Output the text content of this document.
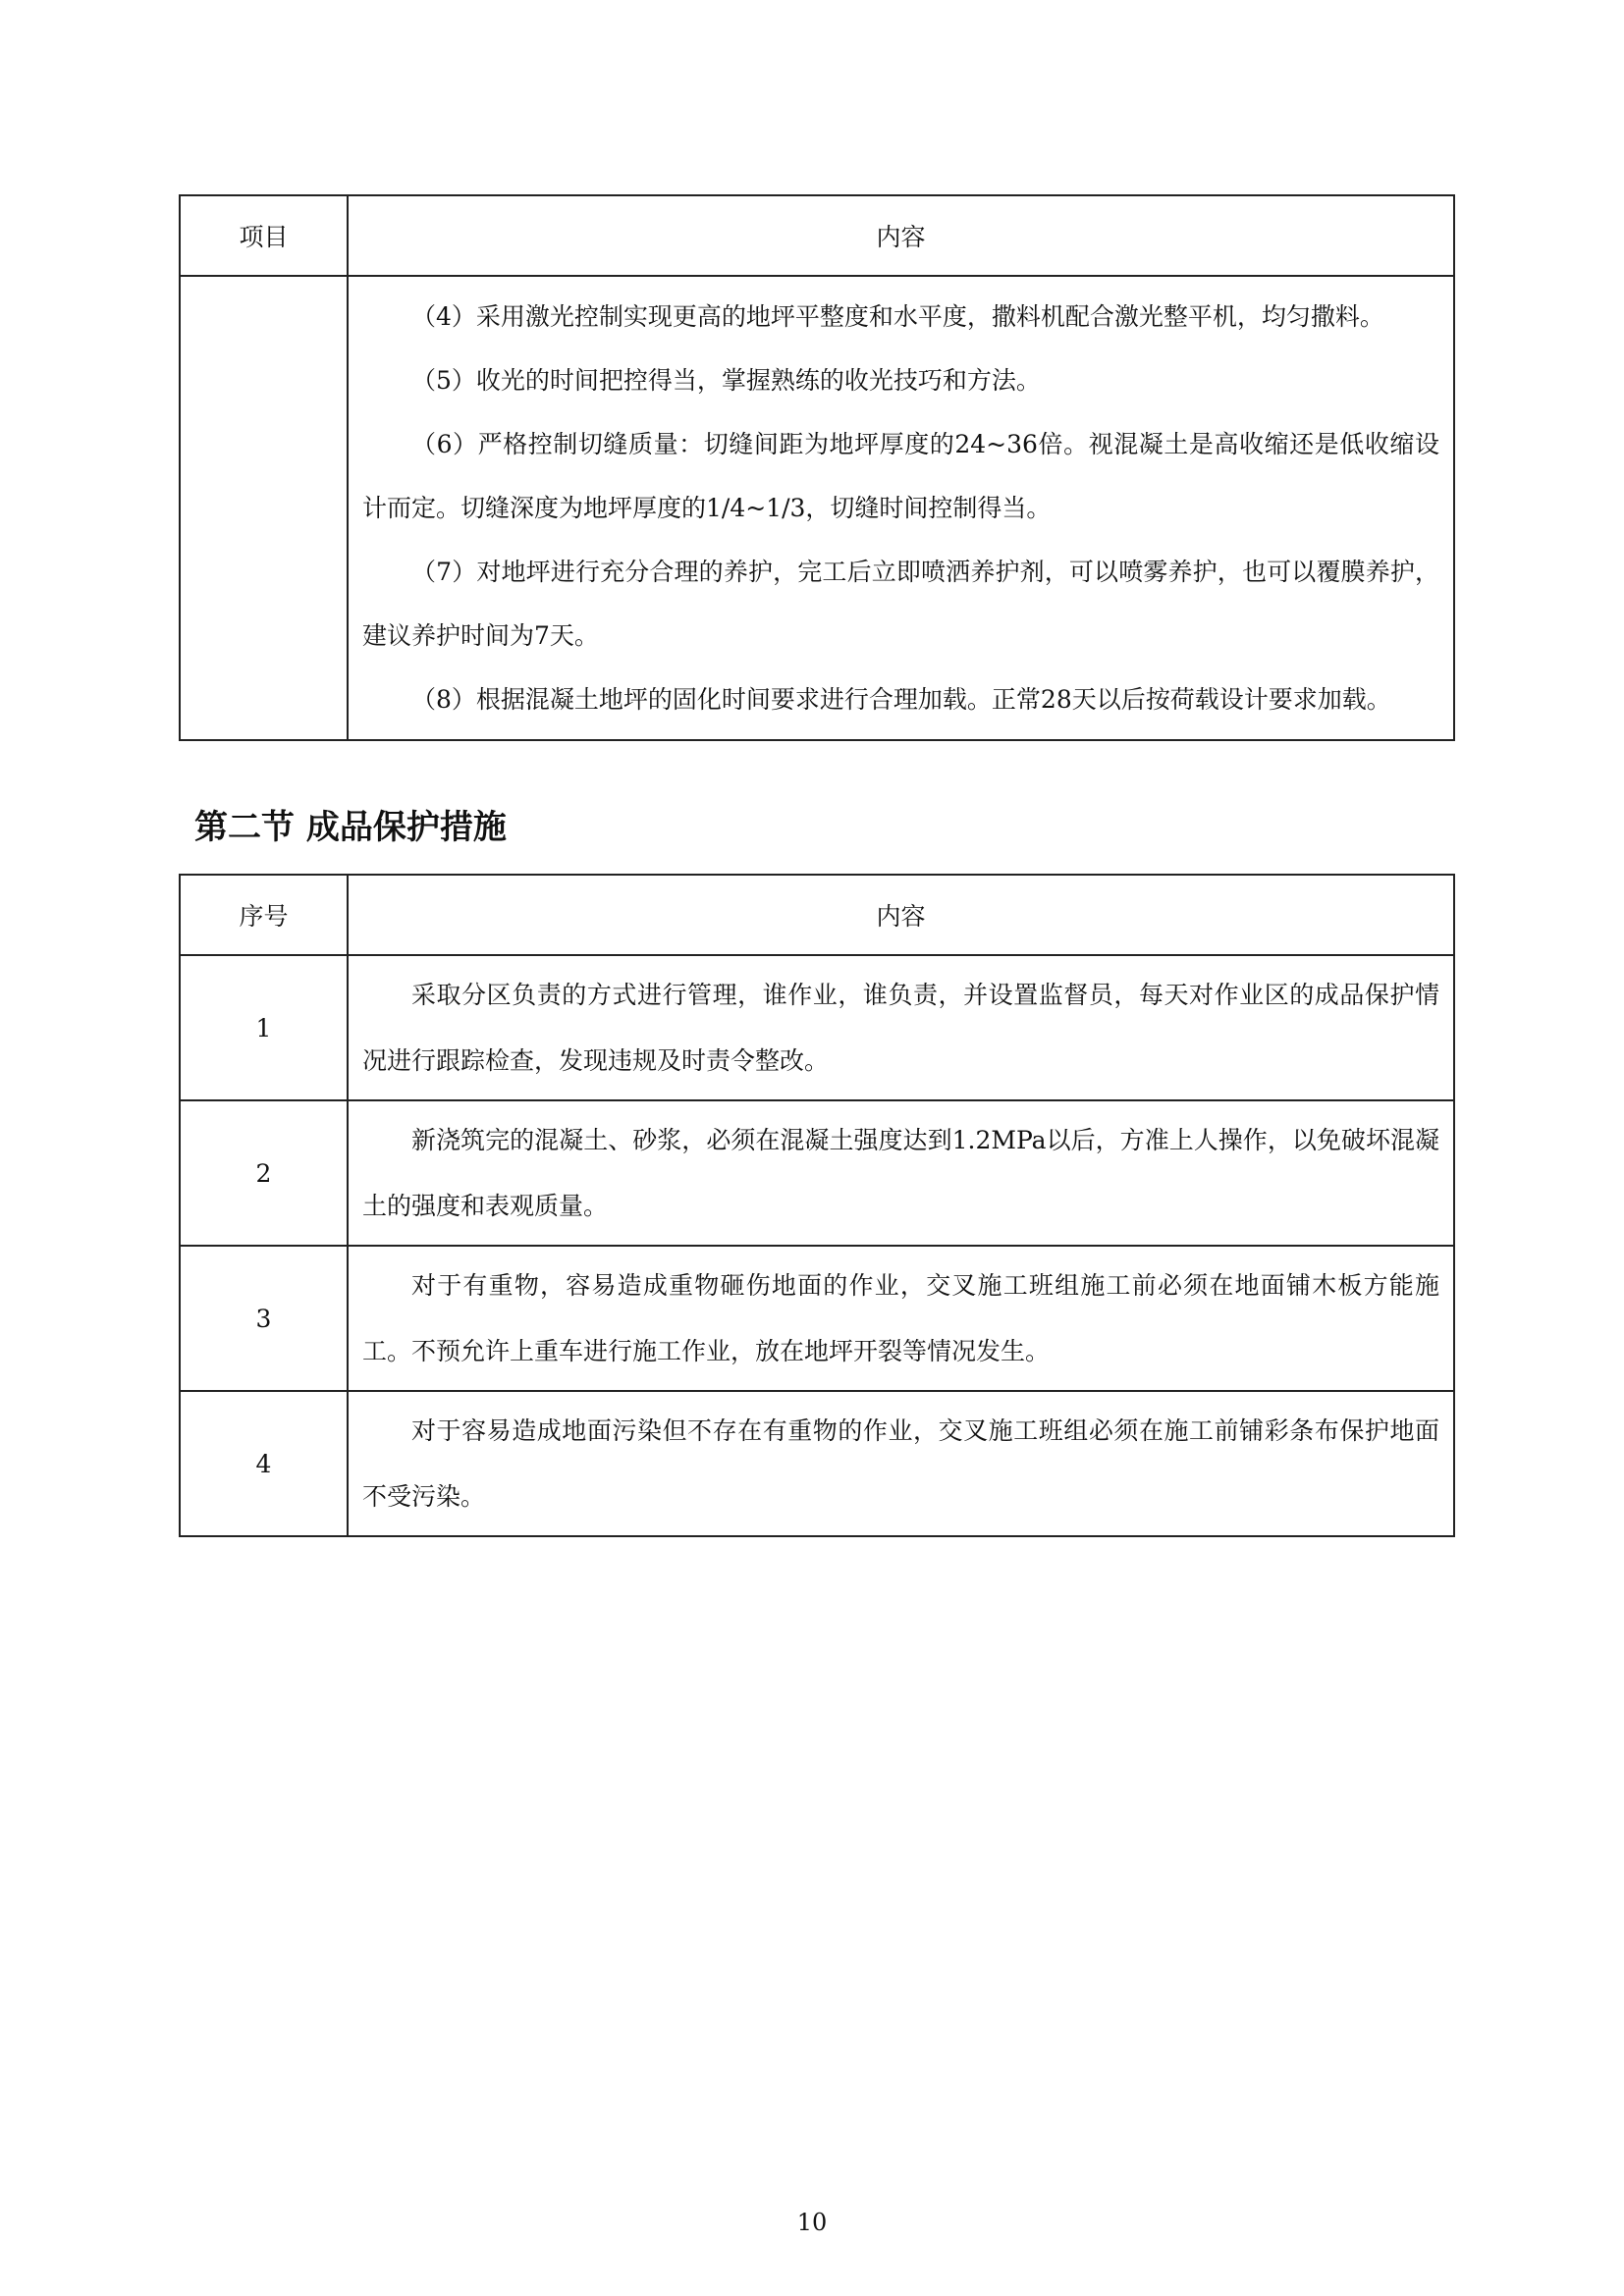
项目	内容

	（4）采用激光控制实现更高的地坪平整度和水平度，撒料机配合激光整平机，均匀撒料。
（5）收光的时间把控得当，掌握熟练的收光技巧和方法。
（6）严格控制切缝质量：切缝间距为地坪厚度的24~36倍。视混凝土是高收缩还是低收缩设计而定。切缝深度为地坪厚度的1/4~1/3，切缝时间控制得当。
（7）对地坪进行充分合理的养护，完工后立即喷洒养护剂，可以喷雾养护，也可以覆膜养护，建议养护时间为7天。
（8）根据混凝土地坪的固化时间要求进行合理加载。正常28天以后按荷载设计要求加载。
第二节 成品保护措施
序号	内容
1	采取分区负责的方式进行管理，谁作业，谁负责，并设置监督员，每天对作业区的成品保护情况进行跟踪检查，发现违规及时责令整改。

2	新浇筑完的混凝土、砂浆，必须在混凝土强度达到1.2MPa以后，方准上人操作，以免破坏混凝土的强度和表观质量。

3	对于有重物，容易造成重物砸伤地面的作业，交叉施工班组施工前必须在地面铺木板方能施工。不预允许上重车进行施工作业，放在地坪开裂等情况发生。

4	对于容易造成地面污染但不存在有重物的作业，交叉施工班组必须在施工前铺彩条布保护地面不受污染。
10
